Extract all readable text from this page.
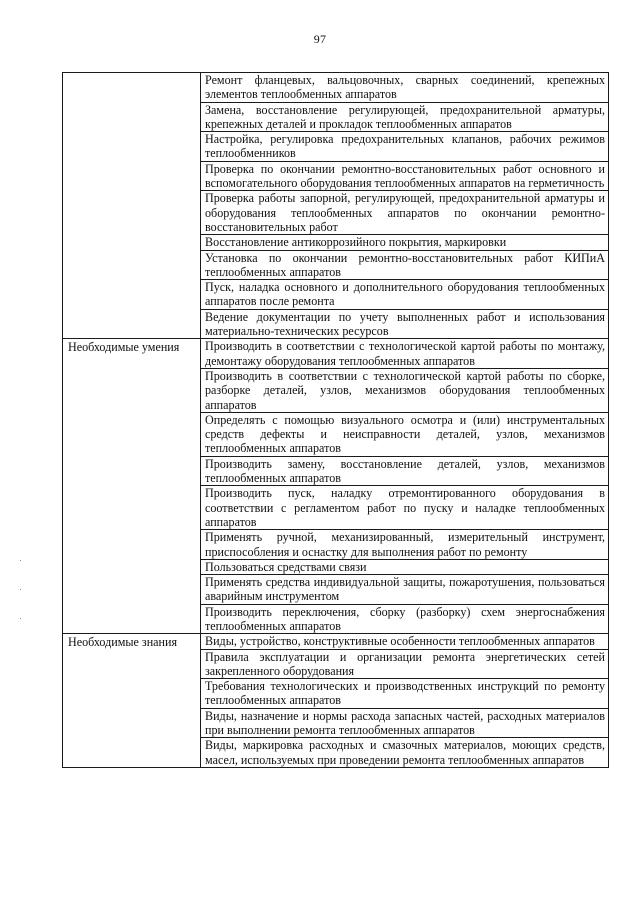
97
	Ремонт фланцевых, вальцовочных, сварных соединений, крепежных элементов теплообменных аппаратов
	Замена, восстановление регулирующей, предохранительной арматуры, крепежных деталей и прокладок теплообменных аппаратов
	Настройка, регулировка предохранительных клапанов, рабочих режимов теплообменников
	Проверка по окончании ремонтно-восстановительных работ основного и вспомогательного оборудования теплообменных аппаратов на герметичность
	Проверка работы запорной, регулирующей, предохранительной арматуры и оборудования теплообменных аппаратов по окончании ремонтно-восстановительных работ
	Восстановление антикоррозийного покрытия, маркировки
	Установка по окончании ремонтно-восстановительных работ КИПиА теплообменных аппаратов
	Пуск, наладка основного и дополнительного оборудования теплообменных аппаратов после ремонта
	Ведение документации по учету выполненных работ и использования материально-технических ресурсов
Необходимые умения	Производить в соответствии с технологической картой работы по монтажу, демонтажу оборудования теплообменных аппаратов
	Производить в соответствии с технологической картой работы по сборке, разборке деталей, узлов, механизмов оборудования теплообменных аппаратов
	Определять с помощью визуального осмотра и (или) инструментальных средств дефекты и неисправности деталей, узлов, механизмов теплообменных аппаратов
	Производить замену, восстановление деталей, узлов, механизмов теплообменных аппаратов
	Производить пуск, наладку отремонтированного оборудования в соответствии с регламентом работ по пуску и наладке теплообменных аппаратов
	Применять ручной, механизированный, измерительный инструмент, приспособления и оснастку для выполнения работ по ремонту
	Пользоваться средствами связи
	Применять средства индивидуальной защиты, пожаротушения, пользоваться аварийным инструментом
	Производить переключения, сборку (разборку) схем энергоснабжения теплообменных аппаратов
Необходимые знания	Виды, устройство, конструктивные особенности теплообменных аппаратов
	Правила эксплуатации и организации ремонта энергетических сетей закрепленного оборудования
	Требования технологических и производственных инструкций по ремонту теплообменных аппаратов
	Виды, назначение и нормы расхода запасных частей, расходных материалов при выполнении ремонта теплообменных аппаратов
	Виды, маркировка расходных и смазочных материалов, моющих средств, масел, используемых при проведении ремонта теплообменных аппаратов
